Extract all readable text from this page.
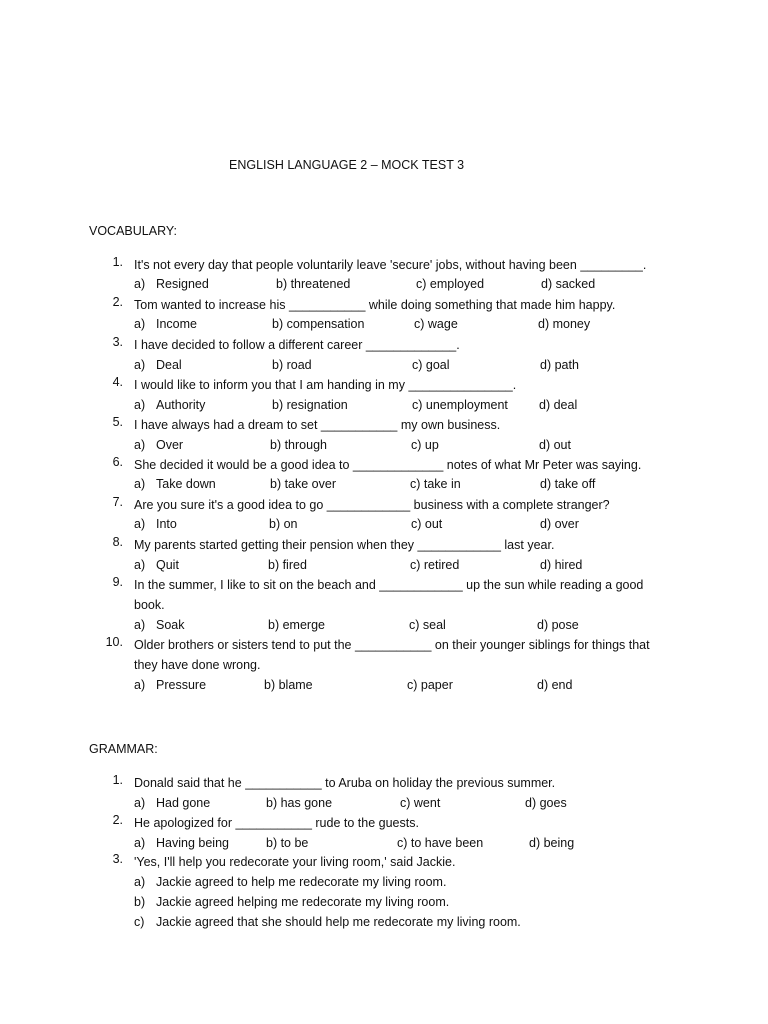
ENGLISH LANGUAGE 2 – MOCK TEST 3
VOCABULARY:
1. It's not every day that people voluntarily leave 'secure' jobs, without having been _________.
a) Resigned	b) threatened	c) employed	d) sacked
2. Tom wanted to increase his ___________ while doing something that made him happy.
a) Income	b) compensation	c) wage	d) money
3. I have decided to follow a different career _____________.
a) Deal	b) road	c) goal	d) path
4. I would like to inform you that I am handing in my _______________.
a) Authority	b) resignation	c) unemployment d) deal
5. I have always had a dream to set ___________ my own business.
a) Over	b) through	c) up	d) out
6. She decided it would be a good idea to _____________ notes of what Mr Peter was saying.
a) Take down	b) take over	c) take in	d) take off
7. Are you sure it's a good idea to go ____________ business with a complete stranger?
a) Into	b) on	c) out	d) over
8. My parents started getting their pension when they ____________ last year.
a) Quit	b) fired	c) retired	d) hired
9. In the summer, I like to sit on the beach and ____________ up the sun while reading a good
book.
a) Soak	b) emerge	c) seal	d) pose
10. Older brothers or sisters tend to put the ___________ on their younger siblings for things that
they have done wrong.
a) Pressure	b) blame	c) paper	d) end
GRAMMAR:
1. Donald said that he ___________ to Aruba on holiday the previous summer.
a) Had gone	b) has gone	c) went	d) goes
2. He apologized for ___________ rude to the guests.
a) Having being	b) to be	c) to have been	d) being
3. 'Yes, I'll help you redecorate your living room,' said Jackie.
a) Jackie agreed to help me redecorate my living room.
b) Jackie agreed helping me redecorate my living room.
c) Jackie agreed that she should help me redecorate my living room.
